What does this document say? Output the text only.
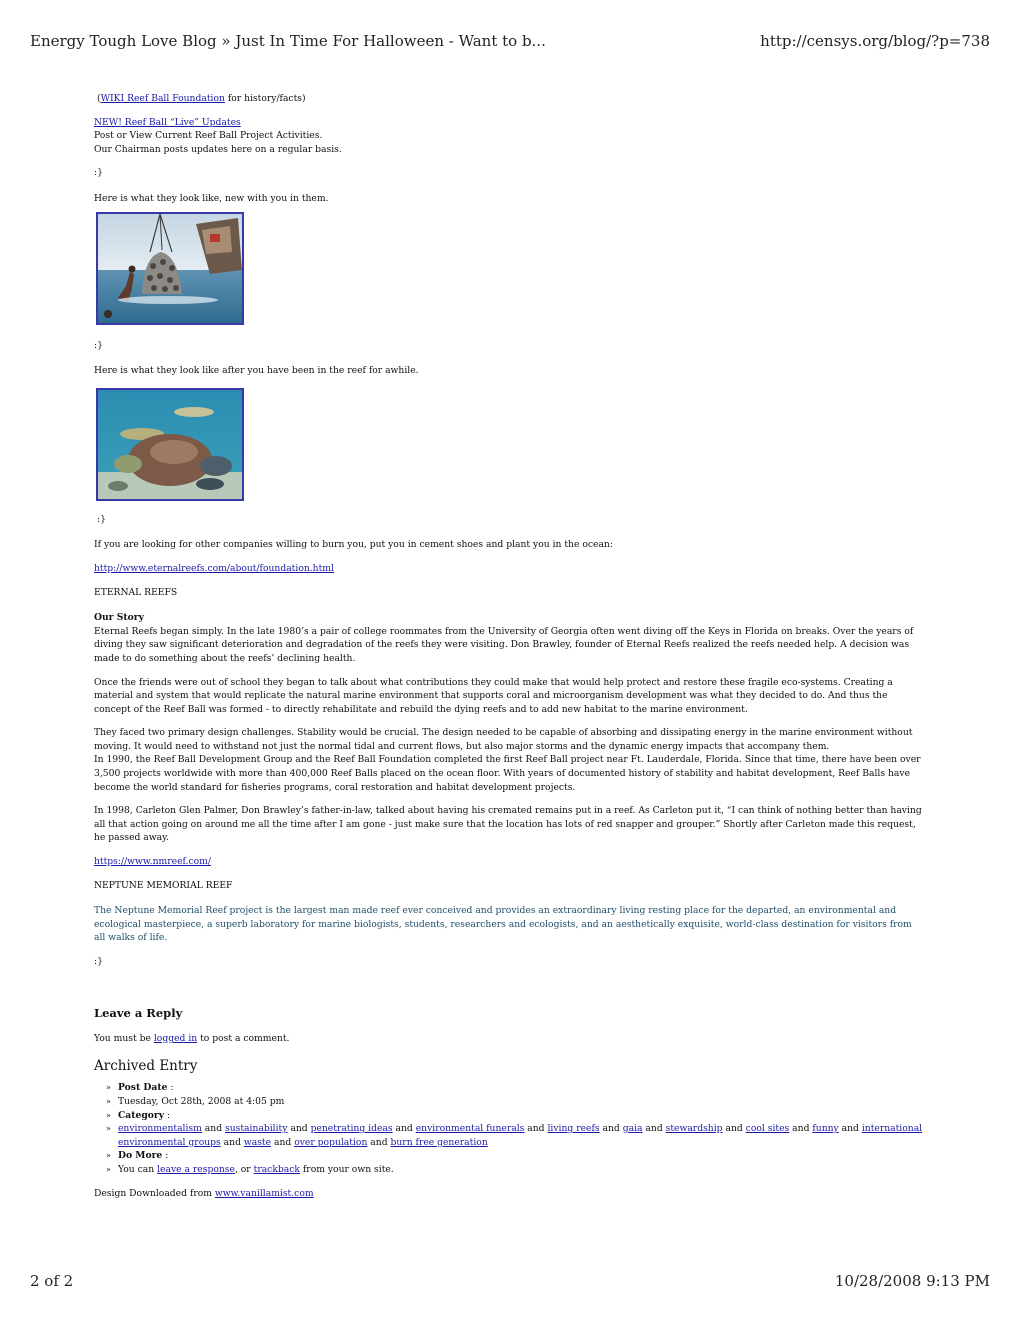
Energy Tough Love Blog » Just In Time For Halloween - Want to b...	http://censys.org/blog/?p=738

(WIKI Reef Ball Foundation for history/facts)

NEW! Reef Ball “Live” Updates
Post or View Current Reef Ball Project Activities.
Our Chairman posts updates here on a regular basis.

:}

Here is what they look like, new with you in them.

:}

Here is what they look like after you have been in the reef for awhile.

:}

If you are looking for other companies willing to burn you, put you in cement shoes and plant you in the ocean:

http://www.eternalreefs.com/about/foundation.html

ETERNAL REEFS

Our Story
Eternal Reefs began simply. In the late 1980’s a pair of college roommates from the University of Georgia often went diving off the Keys in Florida on breaks. Over the years of diving they saw significant deterioration and degradation of the reefs they were visiting. Don Brawley, founder of Eternal Reefs realized the reefs needed help. A decision was made to do something about the reefs’ declining health.

Once the friends were out of school they began to talk about what contributions they could make that would help protect and restore these fragile eco-systems. Creating a material and system that would replicate the natural marine environment that supports coral and microorganism development was what they decided to do. And thus the concept of the Reef Ball was formed - to directly rehabilitate and rebuild the dying reefs and to add new habitat to the marine environment.

They faced two primary design challenges. Stability would be crucial. The design needed to be capable of absorbing and dissipating energy in the marine environment without moving. It would need to withstand not just the normal tidal and current flows, but also major storms and the dynamic energy impacts that accompany them.
In 1990, the Reef Ball Development Group and the Reef Ball Foundation completed the first Reef Ball project near Ft. Lauderdale, Florida. Since that time, there have been over 3,500 projects worldwide with more than 400,000 Reef Balls placed on the ocean floor. With years of documented history of stability and habitat development, Reef Balls have become the world standard for fisheries programs, coral restoration and habitat development projects.

In 1998, Carleton Glen Palmer, Don Brawley’s father-in-law, talked about having his cremated remains put in a reef. As Carleton put it, “I can think of nothing better than having all that action going on around me all the time after I am gone - just make sure that the location has lots of red snapper and grouper.” Shortly after Carleton made this request, he passed away.

https://www.nmreef.com/

NEPTUNE MEMORIAL REEF

The Neptune Memorial Reef project is the largest man made reef ever conceived and provides an extraordinary living resting place for the departed, an environmental and ecological masterpiece, a superb laboratory for marine biologists, students, researchers and ecologists, and an aesthetically exquisite, world-class destination for visitors from all walks of life.

:}

Leave a Reply

You must be logged in to post a comment.

Archived Entry
» Post Date :
» Tuesday, Oct 28th, 2008 at 4:05 pm
» Category :
» environmentalism and sustainability and penetrating ideas and environmental funerals and living reefs and gaia and stewardship and cool sites and funny and international environmental groups and waste and over population and burn free generation
» Do More :
» You can leave a response, or trackback from your own site.

Design Downloaded from www.vanillamist.com

2 of 2	10/28/2008 9:13 PM
